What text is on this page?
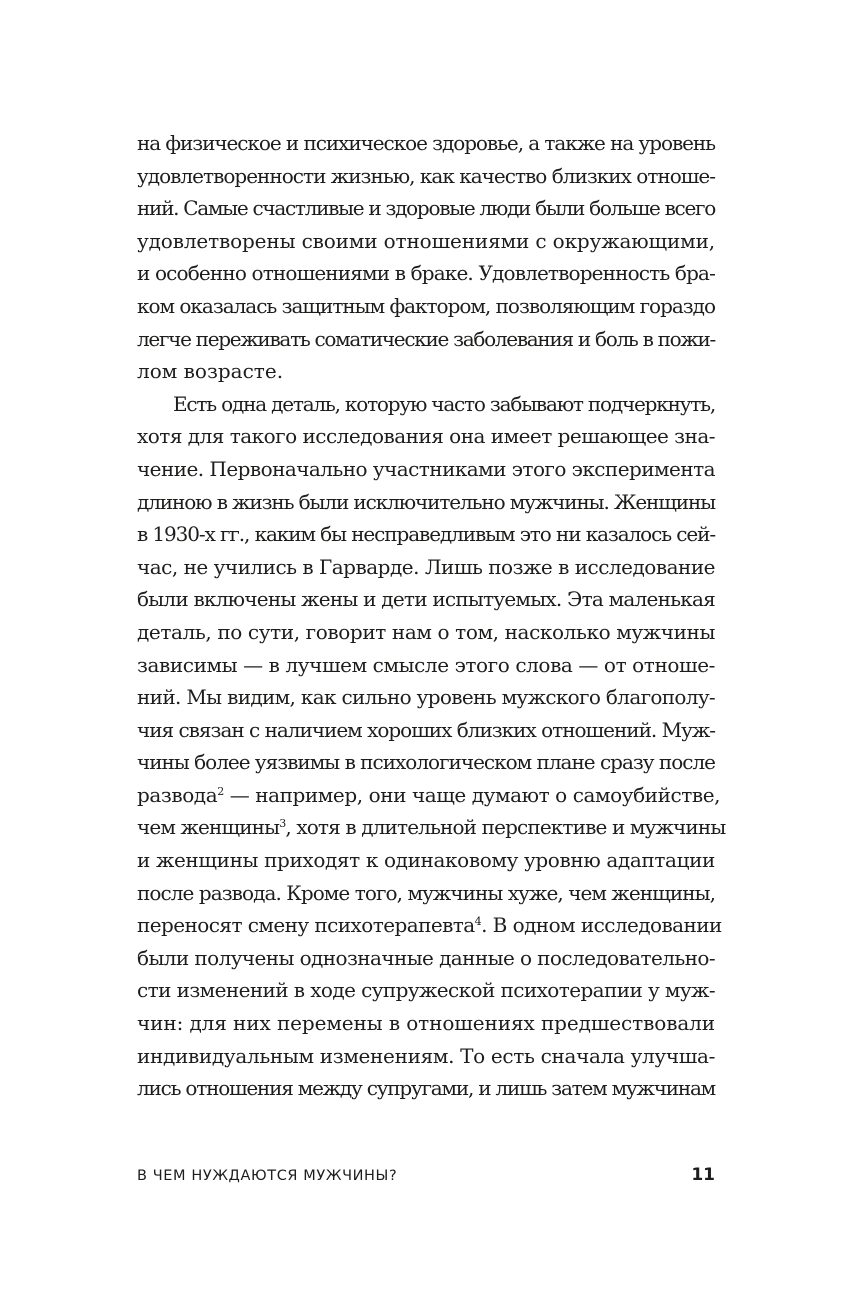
на физическое и психическое здоровье, а также на уровень
удовлетворенности жизнью, как качество близких отноше-
ний. Самые счастливые и здоровые люди были больше всего
удовлетворены своими отношениями с окружающими,
и особенно отношениями в браке. Удовлетворенность бра-
ком оказалась защитным фактором, позволяющим гораздо
легче переживать соматические заболевания и боль в пожи-
лом возрасте.
Есть одна деталь, которую часто забывают подчеркнуть,
хотя для такого исследования она имеет решающее зна-
чение. Первоначально участниками этого эксперимента
длиною в жизнь были исключительно мужчины. Женщины
в 1930-х гг., каким бы несправедливым это ни казалось сей-
час, не учились в Гарварде. Лишь позже в исследование
были включены жены и дети испытуемых. Эта маленькая
деталь, по сути, говорит нам о том, насколько мужчины
зависимы — в лучшем смысле этого слова — от отноше-
ний. Мы видим, как сильно уровень мужского благополу-
чия связан с наличием хороших близких отношений. Муж-
чины более уязвимы в психологическом плане сразу после
развода$^2$ — например, они чаще думают о самоубийстве,
чем женщины$^3$, хотя в длительной перспективе и мужчины
и женщины приходят к одинаковому уровню адаптации
после развода. Кроме того, мужчины хуже, чем женщины,
переносят смену психотерапевта$^4$. В одном исследовании
были получены однозначные данные о последовательно-
сти изменений в ходе супружеской психотерапии у муж-
чин: для них перемены в отношениях предшествовали
индивидуальным изменениям. То есть сначала улучша-
лись отношения между супругами, и лишь затем мужчинам
В ЧЕМ НУЖДАЮТСЯ МУЖЧИНЫ?	11
